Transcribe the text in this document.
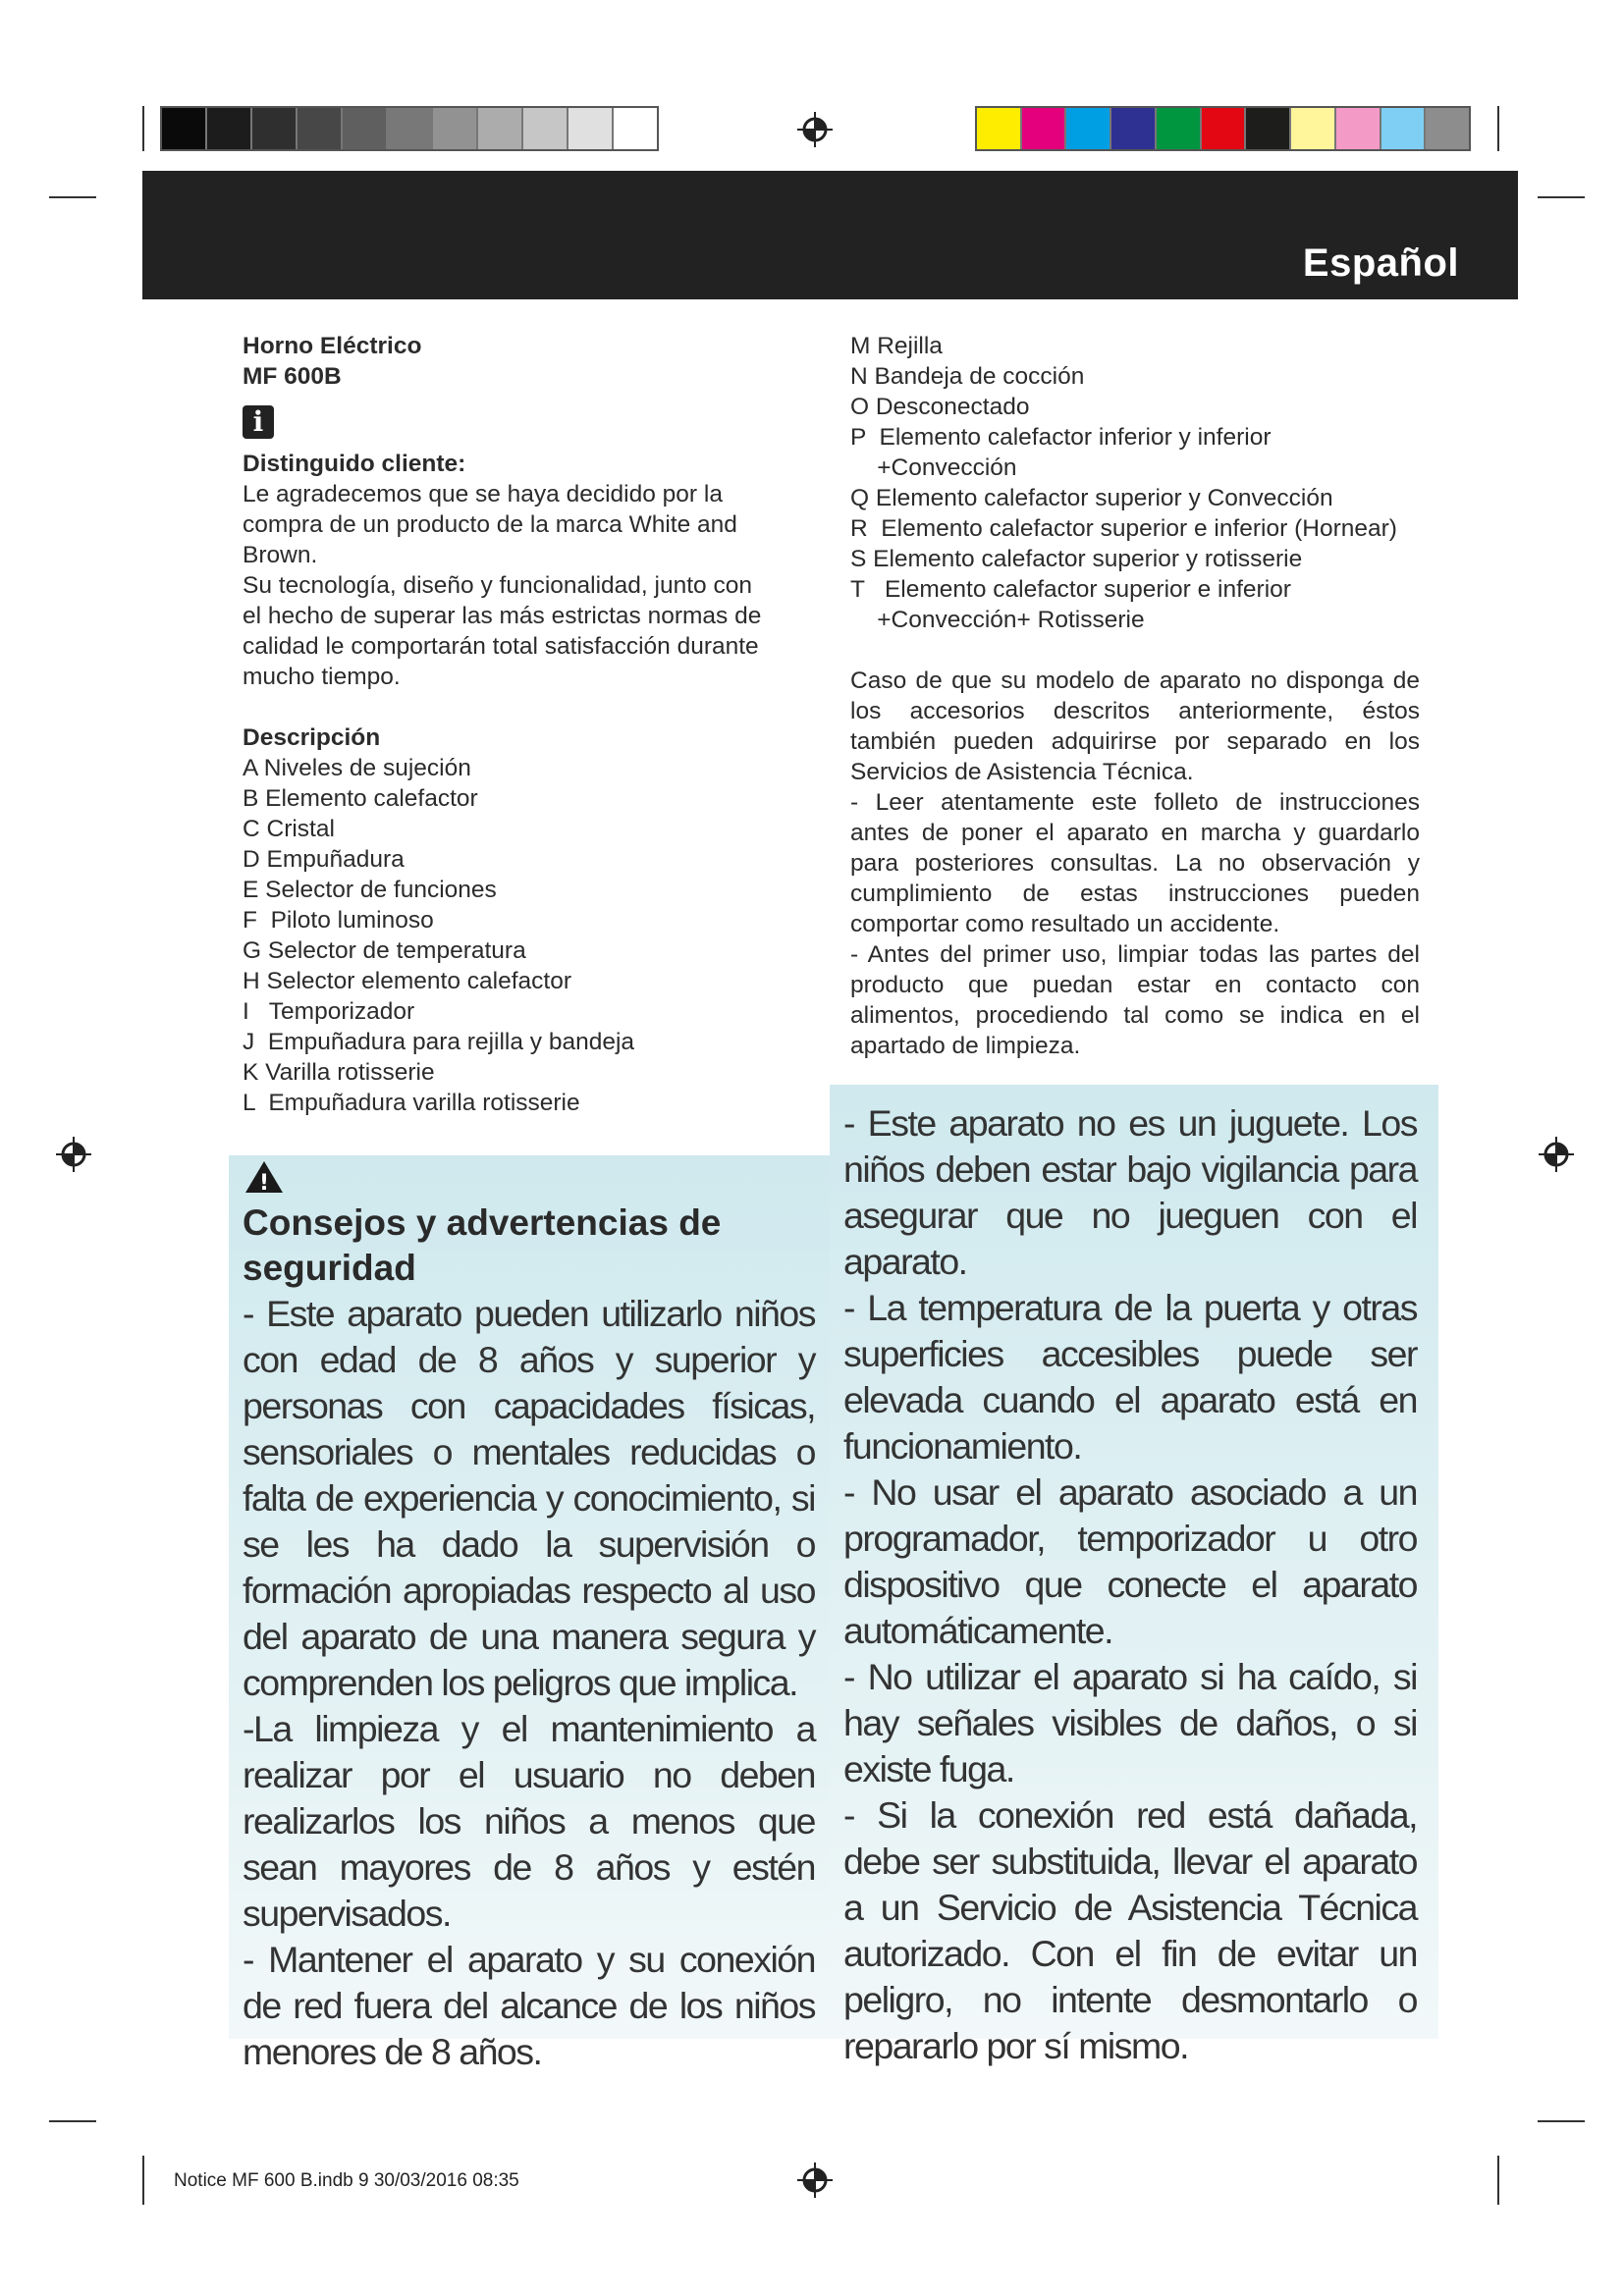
Español
Horno Eléctrico
MF 600B
i
Distinguido cliente:
Le agradecemos que se haya decidido por la
compra de un producto de la marca White and
Brown.
Su tecnología, diseño y funcionalidad, junto con
el hecho de superar las más estrictas normas de
calidad le comportarán total satisfacción durante
mucho tiempo.
Descripción
A Niveles de sujeción
B Elemento calefactor
C Cristal
D Empuñadura
E Selector de funciones
F  Piloto luminoso
G Selector de temperatura
H Selector elemento calefactor
I   Temporizador
J  Empuñadura para rejilla y bandeja
K Varilla rotisserie
L  Empuñadura varilla rotisserie
M Rejilla
N Bandeja de cocción
O Desconectado
P  Elemento calefactor inferior y inferior
+Convección
Q Elemento calefactor superior y Convección
R  Elemento calefactor superior e inferior (Hornear)
S Elemento calefactor superior y rotisserie
T   Elemento calefactor superior e inferior
+Convección+ Rotisserie

Caso de que su modelo de aparato no disponga de los accesorios descritos anteriormente, éstos también pueden adquirirse por separado en los Servicios de Asistencia Técnica.

- Leer atentamente este folleto de instrucciones antes de poner el aparato en marcha y guardarlo para posteriores consultas. La no observación y cumplimiento de estas instrucciones pueden comportar como resultado un accidente.

- Antes del primer uso, limpiar todas las partes del producto que puedan estar en contacto con alimentos, procediendo tal como se indica en el apartado de limpieza.

!
Consejos y advertencias de
seguridad

- Este aparato pueden utilizarlo niños con edad de 8 años y superior y personas con capacidades físicas, sensoriales o mentales reducidas o falta de experiencia y conocimiento, si se les ha dado la supervisión o formación apropiadas respecto al uso del aparato de una manera segura y comprenden los peligros que implica.

-La limpieza y el mantenimiento a realizar por el usuario no deben realizarlos los niños a menos que sean mayores de 8 años y estén supervisados.

- Mantener el aparato y su conexión de red fuera del alcance de los niños menores de 8 años.

- Este aparato no es un juguete. Los niños deben estar bajo vigilancia para asegurar que no jueguen con el aparato.

- La temperatura de la puerta y otras superficies accesibles puede ser elevada cuando el aparato está en funcionamiento.

- No usar el aparato asociado a un programador, temporizador u otro dispositivo que conecte el aparato automáticamente.

- No utilizar el aparato si ha caído, si hay señales visibles de daños, o si existe fuga.

- Si la conexión red está dañada, debe ser substituida, llevar el aparato a un Servicio de Asistencia Técnica autorizado. Con el fin de evitar un peligro, no intente desmontarlo o repararlo por sí mismo.

Notice MF 600 B.indb 9 30/03/2016 08:35
